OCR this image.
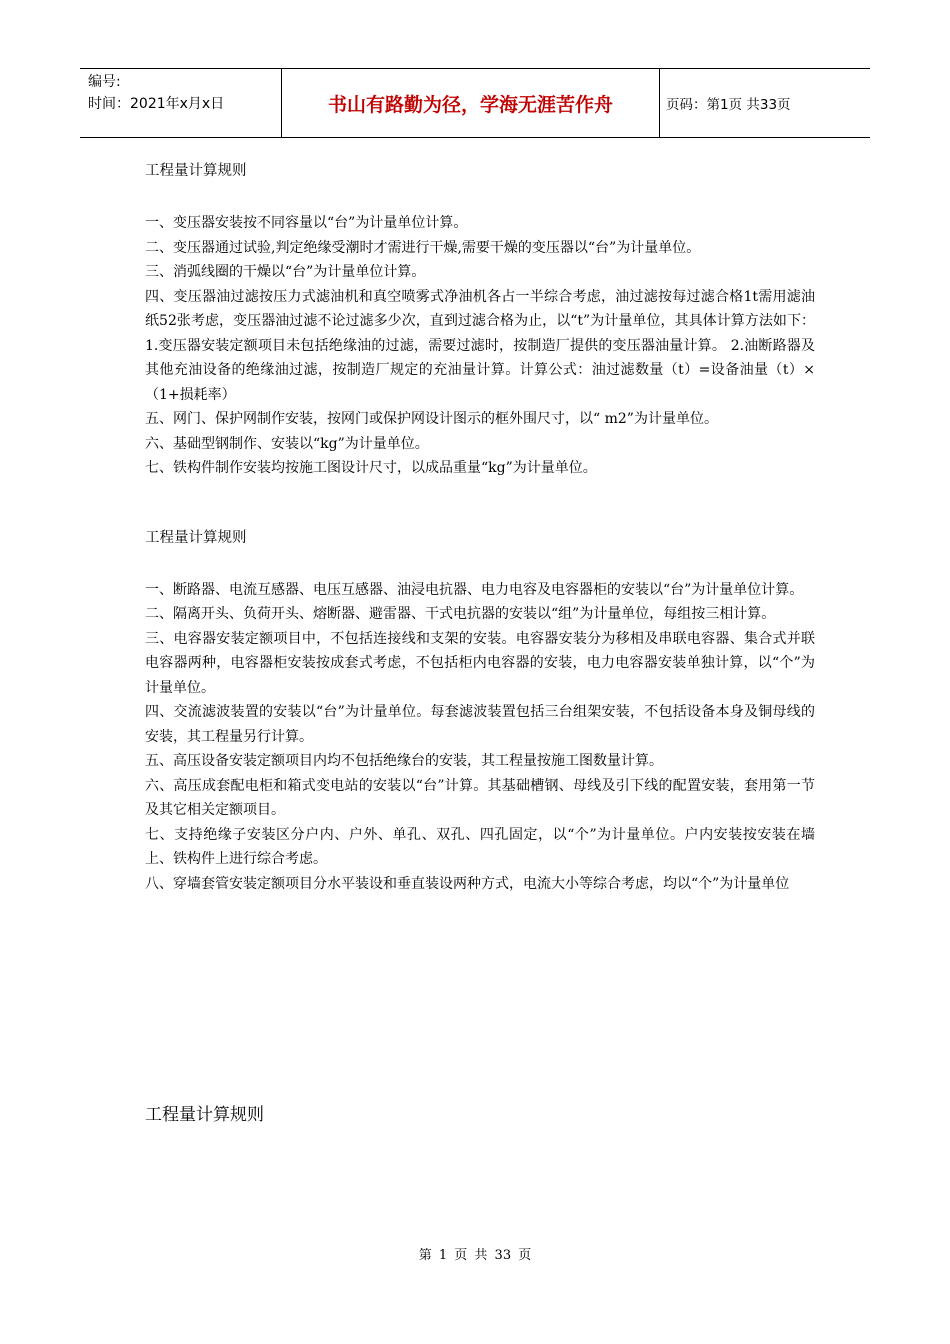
编号:
时间：2021年x月x日	书山有路勤为径，学海无涯苦作舟	页码：第1页 共33页
工程量计算规则
一、变压器安装按不同容量以“台”为计量单位计算。
二、变压器通过试验,判定绝缘受潮时才需进行干燥,需要干燥的变压器以“台”为计量单位。
三、消弧线圈的干燥以“台”为计量单位计算。
四、变压器油过滤按压力式滤油机和真空喷雾式净油机各占一半综合考虑，油过滤按每过滤合格1t需用滤油纸52张考虑，变压器油过滤不论过滤多少次，直到过滤合格为止，以“t”为计量单位，其具体计算方法如下： 1.变压器安装定额项目未包括绝缘油的过滤，需要过滤时，按制造厂提供的变压器油量计算。 2.油断路器及其他充油设备的绝缘油过滤，按制造厂规定的充油量计算。计算公式：油过滤数量（t）=设备油量（t）×（1+损耗率）
五、网门、保护网制作安装，按网门或保护网设计图示的框外围尺寸，以“ m2”为计量单位。
六、基础型钢制作、安装以“kg”为计量单位。
七、铁构件制作安装均按施工图设计尺寸，以成品重量“kg”为计量单位。
工程量计算规则
一、断路器、电流互感器、电压互感器、油浸电抗器、电力电容及电容器柜的安装以“台”为计量单位计算。
二、隔离开头、负荷开头、熔断器、避雷器、干式电抗器的安装以“组”为计量单位，每组按三相计算。
三、电容器安装定额项目中，不包括连接线和支架的安装。电容器安装分为移相及串联电容器、集合式并联电容器两种，电容器柜安装按成套式考虑，不包括柜内电容器的安装，电力电容器安装单独计算，以“个”为计量单位。
四、交流滤波装置的安装以“台”为计量单位。每套滤波装置包括三台组架安装，不包括设备本身及铜母线的安装，其工程量另行计算。
五、高压设备安装定额项目内均不包括绝缘台的安装，其工程量按施工图数量计算。
六、高压成套配电柜和箱式变电站的安装以“台”计算。其基础槽钢、母线及引下线的配置安装，套用第一节及其它相关定额项目。
七、支持绝缘子安装区分户内、户外、单孔、双孔、四孔固定，以“个”为计量单位。户内安装按安装在墙上、铁构件上进行综合考虑。
八、穿墙套管安装定额项目分水平装设和垂直装设两种方式，电流大小等综合考虑，均以“个”为计量单位
工程量计算规则
第 1 页 共 33 页
